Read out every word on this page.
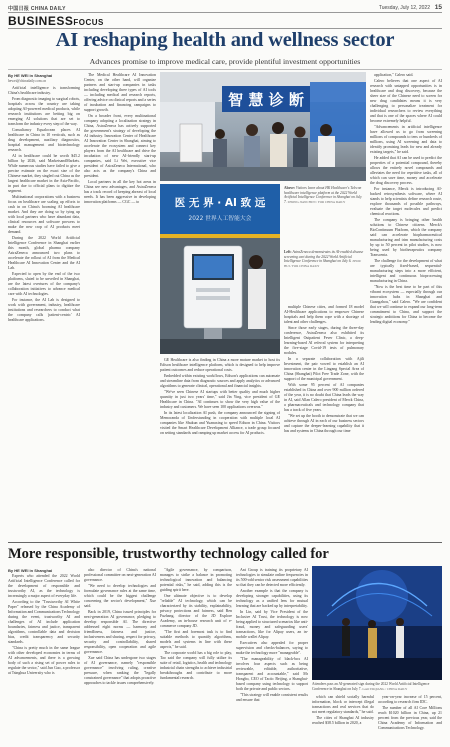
中国日报 CHINA DAILY	Tuesday, July 12, 2022 15
BUSINESSFOCUS
AI reshaping health and wellness sector
Advances promise to improve medical care, provide plentiful investment opportunities

By HE WEI in Shanghai

hewei@chinadaily.com.cn

Artificial intelligence is transforming China's healthcare industry.

From diagnostic imaging to surgical robots, hospitals across the country are taking adopting AI-powered medical products, while research institutions are betting big on emerging AI solutions that are set to transform the industry every step of the way.

Consultancy Equalocean places AI healthcare in China in 10 verticals, such as drug development, auxiliary diagnostics, hospital management and biotechnology research.

AI in healthcare could be worth $45.2 billion by 2026, said MarketsandMarkets. While numerous studies have failed to give a precise estimate on the exact size of the Chinese market, they singled out China as the largest healthcare market in the Asia-Pacific, in part due to official plans to digitize the segment.

Multinational corporations with a business focus on healthcare are scaling up efforts to cash in on China's booming AI healthcare market. And they are doing so by tying up with local partners who have abundant data, clinical resources and software prowess to make the new crop of AI products meet demand.

During the 2022 World Artificial Intelligence Conference in Shanghai earlier this month, global pharma company AstraZeneca announced two plans to accelerate the rollout of AI from the Medical Healthcare AI Innovation Center and the AI Lab.

Expected to open by the end of the two platforms, slated to be unveiled in Shanghai, are the latest overtures of the company's collaboration initiatives to advance medical care with AI technologies.

For instance, the AI Lab is designed to work with government, industry, healthcare institutions and researchers to conduct what the company calls 'patient-centric' AI healthcare applications.

The Medical Healthcare AI Innovation Center, on the other hand, will organize partners and start-up companies in tasks including developing three types of AI tools — including medical and research reports, offering advice on clinical reports and a series of incubation and financing campaigns to support growth.

On a broader front, every multinational company adopting a localization strategy in China, AstraZeneca has actively supported the government's strategy of developing the AI industry. Innovation Center of Healthcare AI Innovation Center in Shanghai, aiming to accelerate the ecosystem and connect key players from the AI healthcare and drive the incubation of new AI-friendly start-up companies, said Li Wei, executive vice president of AstraZeneca International, who also acts as the company's China and president.

Local partners in all the key hot areas in China see new advantages, and AstraZeneca has a track record of keeping abreast of local needs. It has been aggressive in developing innovation platforms — CGC — to

智 慧 诊 断
Above: Visitors learn about HK Healthcare's Telecon healthcare intelligence platform at the 2022 World Artificial Intelligence Conference in Shanghai on July 7. ZHONG JIANCHUN / FOR CHINA DAILY
Left: AstraZeneca demonstrates its AI-enabled disease screening cart during the 2022 World Artificial Intelligence Conference in Shanghai on July 6. ZHOU HUI / FOR CHINA DAILY
医 无 界 · AI 致 远
2022 世界人工智能大会

multiple Chinese cities, and formed 18 model AI-Healthcare applications to empower Chinese hospitals and help them cope with a shortage of talent and other challenges.

Since those early stages, during the three-day conference, AstraZeneca also exhibited its Intelligent Outpatient Fever Clinic, a deep-learning-based AI referral system for interpreting the five-stage Covid-19 tests of pulmonary nodules.

In a separate collaboration with Ajili Investment, the pair vowed to establish an AI innovation center in the Lingang Special Area of China (Shanghai) Pilot Free Trade Zone, with the support of the municipal government.

With some 95 percent of AI companies established in China and over 900 million ordered of the year, it is no doubt that China leads the way in AI, said Allan Calero president of Merck China, a pharmaceuticals and technology company that has a track of five years.

"We set up the booth to demonstrate that we can achieve through AI in each of our business sectors and capture the deeper-learning capability that it has and systems in China through our time

GE Healthcare is also finding in China a more mature market to host its Edison healthcare intelligence platform, which is designed to help improve patient outcomes and reduce operational costs.

Embedded within existing workflows, Edison's applications can automate and streamline data from diagnostic sources and apply analytics or advanced algorithms to generate clinical, operational and financial insights.

"We've seen Chinese AI startups with better quality and much higher quantity in just two years' time," said Jin Ying, vice president of GE Healthcare in China. "AI continues to show the very high value of the industry and customers. We have seen 100 applications overseas."

In its latest localization AI push, the company announced the signing of Memoranda of Understanding in cooperation with multiple local AI companies like Shukun and Yuanaxing to speed Edison in China. Visitors visited the Smart Healthcare Development Alliance, a trade group focused on setting standards and ramping up market access for AI products.

application," Calero said.

Calero believes that one aspect of AI research with untapped opportunities is in healthcare and drug discovery, because the sheer size of the Chinese need to screen for new drug candidates means it is very challenging to personalize treatment for individual researchers to review everything and that is one of the spaces where AI could become extremely helpful.

"Advancements in artificial intelligence have allowed us to go from screening millions of compounds to tens or hundreds of millions, using AI screening and data to identify promising leads for new and already existing targets," he said.

He added that AI can be used to predict the properties of a potential compound, thereby allows the entirely novel compounds and alleviates the need for repetitive tasks, all of which can save time, money and accelerate the drug discovery process.

For instance, Merck is introducing AI-backed retrosynthesis software, where AI stands to help scientists define research route, explore thousands of possible pathways, evaluate the target molecules and predict chemical reactions.

The company is bringing other health solutions to Chinese citizens. Merck's BioContinuum Platform, which the company said can accelerate biopharmaceutical manufacturing and trim manufacturing costs by up to 50 percent in pilot studies, is now being used by biotherapeutics company Transcenta.

The challenge for the development of what are typically fixed-based, sequential-manufacturing steps into a more efficient, intelligent and continuous bioprocessing manufacturing in China.

"Now is the best time to be part of this vibrant ecosystem — especially through our innovation hubs in Shanghai and Guangzhou," said Calero. "We are confident that we will continue to expand our long-term commitment to China, and support the strategic ambitions for China to become the leading digital economy."

More responsible, trustworthy technology called for

By HE WEI in Shanghai

Experts who attended the 2022 World Artificial Intelligence Conference called for the development of responsible and trustworthy AI, as the technology is increasingly a major aspect of everyday life.

According to the "Trustworthy AI White Paper" released by the China Academy of Information and Communications Technology during the event, trustworthy AI and challenges of AI include application boundaries, fairness and justice, transparent algorithms, controllable data and decision bias, credit transparency and security standards.

"China is pretty much in the same league with other developed economies in terms of AI advancements, and there is a growing body of such a rising set of power rules to regulate the sector," said Jun Gao, a professor at Tsinghua University who is

also director of China's national professional committee on next-generation AI governance.

"We need to develop technologies and formulate governance rules at the same time, which could be the biggest challenge concerning the sector's development," Xue said.

Back in 2019, China issued principles for next-generation AI governance, pledging to develop responsible AI. The directive addressed eight norms — harmony and friendliness, fairness and justice, inclusiveness and sharing, respect for privacy, security and controllability, shared responsibility, open cooperation and agile governance.

Xue said China has undergone two stages of AI governance, namely "responsible governance" involving ruling, creative pressure, when ranking the "legally constrained governance" that adopts proactive approaches to tackle issues comprehensively.

"Agile governance, by comparison, manages to strike a balance in promoting technological innovation and balancing potential risks," he said, adding this is the guiding spirit here.

One ultimate objective is to develop "reliable" AI technology, which can be characterized by its stability, explainability, privacy protections and fairness, said Ren Fuzhang, director of the JD Explore Academy, an in-house research unit of e-commerce company JD.

"The first and foremost task is to find suitable methods to quantify algorithms, models and systems in line with these aspects," he said.

The corporate world has a big role to play, Tao said the company will fully utilize its suite of retail, logistics, health and technology industrial chain strengths to achieve industrial breakthroughs and contribute to more fundamental research.

Ant Group is training its proprietary AI technologies to simulate online frequencies in its 500-odd senior risk assessment capabilities so that they can be detected more efficiently.

Another example is that the company is developing stronger capabilities, using its technology as a unified lens for mutual learning that are backed up by interpretability.

In Lin, said by Vice President of the Inclusive AI Trust, the technology is now being applied to structured scenarios like anti-fraud, money and safeguarding users' transactions, like for Alipay users, an in-mobile wallet Alipay.

Executives also appealed for proper supervision and checks-balances, saying to make the technology more "manageable".

"The manageability of black-box AI involves four aspects such as being reviewable, editable, authoritative, transparent and accountable," said Mr Hongbo, CEO of Tactic Beijing, a Shanghai-based company using technology to support both the private and public sectors.

"This strategy will enable consistent results and ensure that

Attendees pass an AI-generated sign during the 2022 World Artificial Intelligence Conference in Shanghai on July 7. GAO ERQIANG / CHINA DAILY

which can shield socially harmful information, block or intercept illegal transactions and real services that do not meet regulatory standards," he said.

The cities of Shanghai AI industry reached $38.5 billion in 2020, a

year-on-year increase of 15 percent, according to research firm IDC.

The number of all AI Core Millions reach $1020 billion in China, up 21 percent from the previous year, said the China Academy of Information and Communications Technology.
